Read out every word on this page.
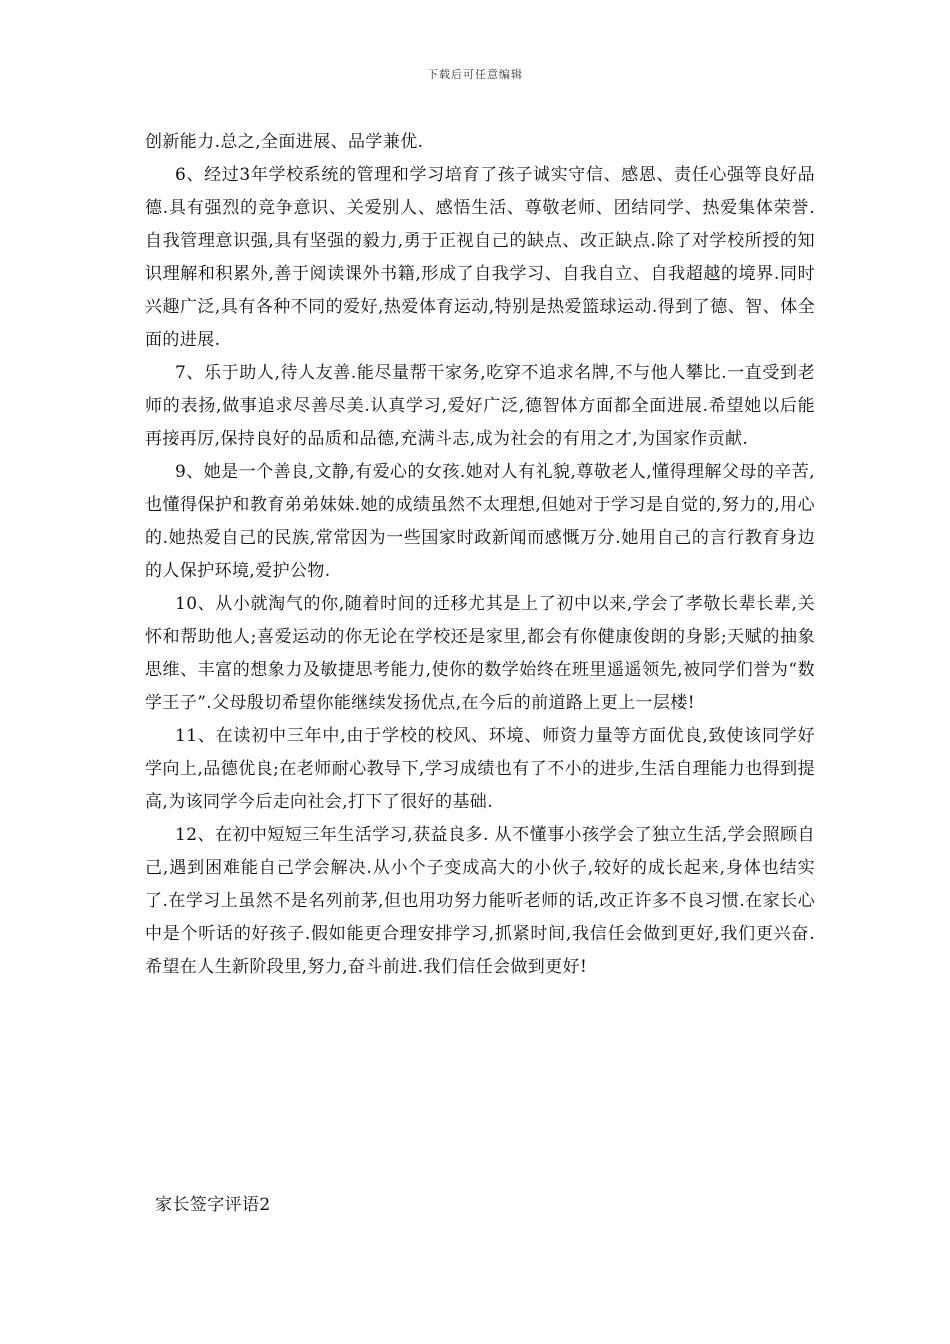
下载后可任意编辑

创新能力.总之,全面进展、品学兼优.

6、经过3年学校系统的管理和学习培育了孩子诚实守信、感恩、责任心强等良好品德.具有强烈的竞争意识、关爱别人、感悟生活、尊敬老师、团结同学、热爱集体荣誉.自我管理意识强,具有坚强的毅力,勇于正视自己的缺点、改正缺点.除了对学校所授的知识理解和积累外,善于阅读课外书籍,形成了自我学习、自我自立、自我超越的境界.同时兴趣广泛,具有各种不同的爱好,热爱体育运动,特别是热爱篮球运动.得到了德、智、体全面的进展.

7、乐于助人,待人友善.能尽量帮干家务,吃穿不追求名牌,不与他人攀比.一直受到老师的表扬,做事追求尽善尽美.认真学习,爱好广泛,德智体方面都全面进展.希望她以后能再接再厉,保持良好的品质和品德,充满斗志,成为社会的有用之才,为国家作贡献.

9、她是一个善良,文静,有爱心的女孩.她对人有礼貌,尊敬老人,懂得理解父母的辛苦,也懂得保护和教育弟弟妹妹.她的成绩虽然不太理想,但她对于学习是自觉的,努力的,用心的.她热爱自己的民族,常常因为一些国家时政新闻而感慨万分.她用自己的言行教育身边的人保护环境,爱护公物.

10、从小就淘气的你,随着时间的迁移尤其是上了初中以来,学会了孝敬长辈长辈,关怀和帮助他人;喜爱运动的你无论在学校还是家里,都会有你健康俊朗的身影;天赋的抽象思维、丰富的想象力及敏捷思考能力,使你的数学始终在班里遥遥领先,被同学们誉为“数学王子”.父母殷切希望你能继续发扬优点,在今后的前道路上更上一层楼!

11、在读初中三年中,由于学校的校风、环境、师资力量等方面优良,致使该同学好学向上,品德优良;在老师耐心教导下,学习成绩也有了不小的进步,生活自理能力也得到提高,为该同学今后走向社会,打下了很好的基础.

12、在初中短短三年生活学习,获益良多. 从不懂事小孩学会了独立生活,学会照顾自己,遇到困难能自己学会解决.从小个子变成高大的小伙子,较好的成长起来,身体也结实了.在学习上虽然不是名列前茅,但也用功努力能听老师的话,改正许多不良习惯.在家长心中是个听话的好孩子.假如能更合理安排学习,抓紧时间,我信任会做到更好,我们更兴奋.希望在人生新阶段里,努力,奋斗前进.我们信任会做到更好!

家长签字评语2
